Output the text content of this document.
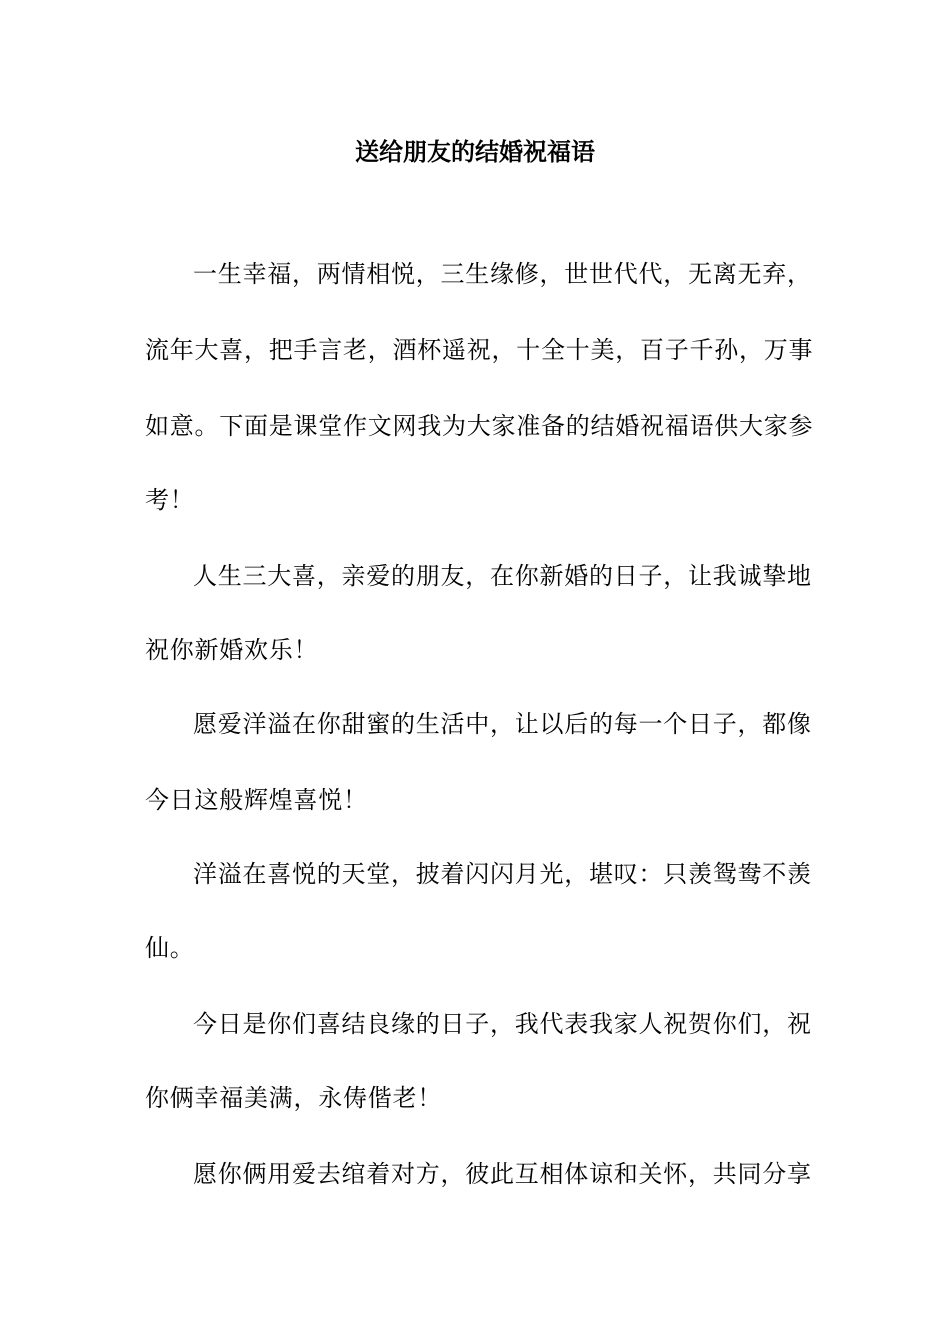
送给朋友的结婚祝福语
一生幸福，两情相悦，三生缘修，世世代代，无离无弃，
流年大喜，把手言老，酒杯遥祝，十全十美，百子千孙，万事
如意。下面是课堂作文网我为大家准备的结婚祝福语供大家参
考！
人生三大喜，亲爱的朋友，在你新婚的日子，让我诚挚地
祝你新婚欢乐！
愿爱洋溢在你甜蜜的生活中，让以后的每一个日子，都像
今日这般辉煌喜悦！
洋溢在喜悦的天堂，披着闪闪月光，堪叹：只羡鸳鸯不羡
仙。
今日是你们喜结良缘的日子，我代表我家人祝贺你们，祝
你俩幸福美满，永俦偕老！
愿你俩用爱去绾着对方，彼此互相体谅和关怀，共同分享
